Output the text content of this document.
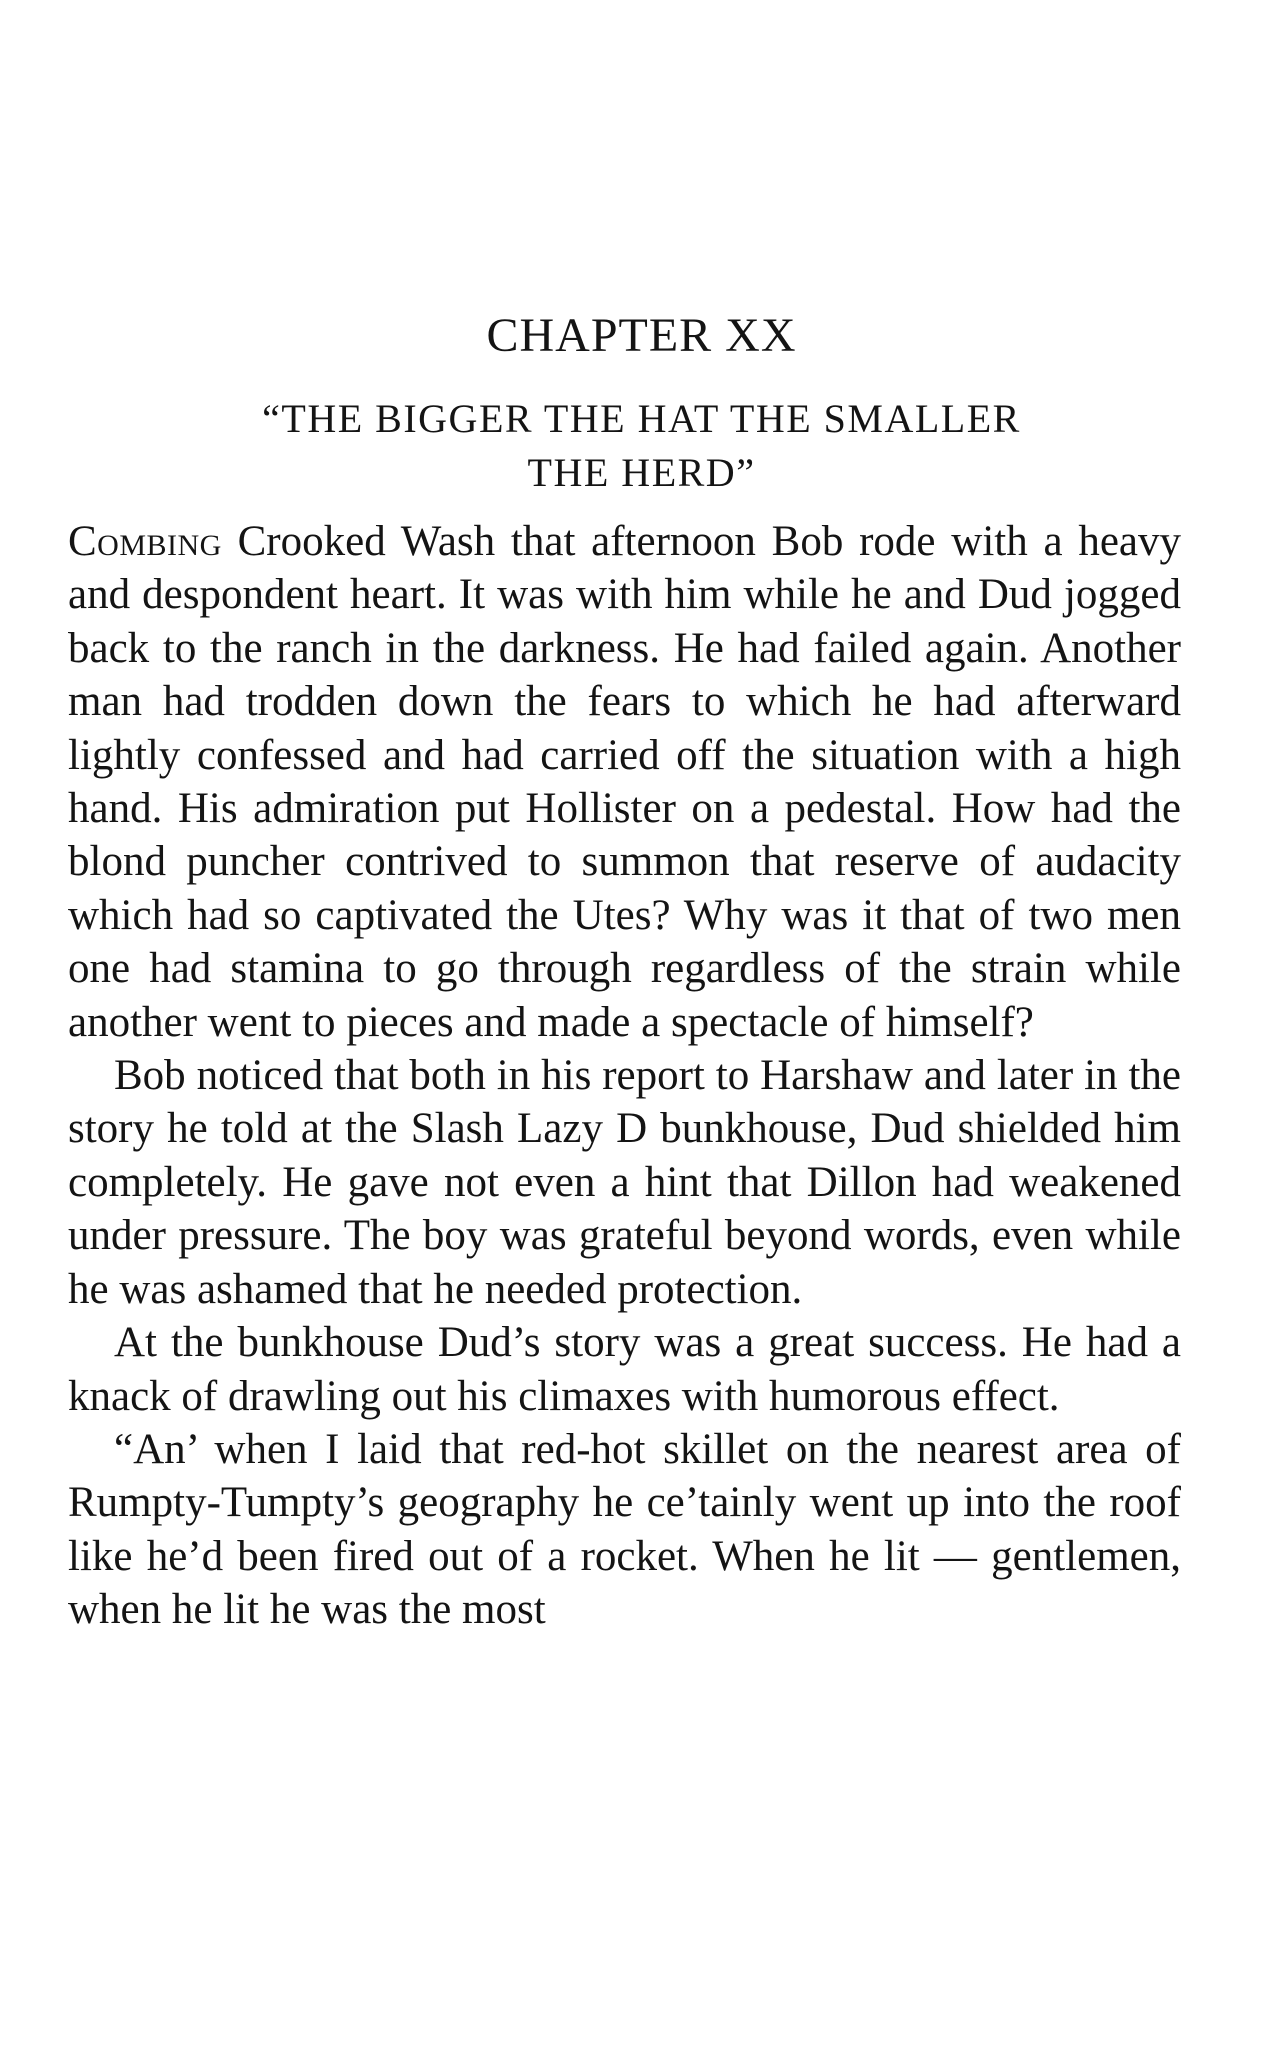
CHAPTER XX
“THE BIGGER THE HAT THE SMALLER
THE HERD”

Combing Crooked Wash that afternoon Bob rode with a heavy and despondent heart. It was with him while he and Dud jogged back to the ranch in the darkness. He had failed again. Another man had trodden down the fears to which he had afterward lightly confessed and had carried off the situation with a high hand. His admiration put Hollister on a pedestal. How had the blond puncher contrived to summon that reserve of audacity which had so captivated the Utes? Why was it that of two men one had stamina to go through regardless of the strain while another went to pieces and made a spectacle of himself?

Bob noticed that both in his report to Harshaw and later in the story he told at the Slash Lazy D bunkhouse, Dud shielded him completely. He gave not even a hint that Dillon had weakened under pressure. The boy was grateful beyond words, even while he was ashamed that he needed protection.

At the bunkhouse Dud’s story was a great success. He had a knack of drawling out his climaxes with humorous effect.

“An’ when I laid that red-hot skillet on the nearest area of Rumpty-Tumpty’s geography he ce’tainly went up into the roof like he’d been fired out of a rocket. When he lit — gentlemen, when he lit he was the most
